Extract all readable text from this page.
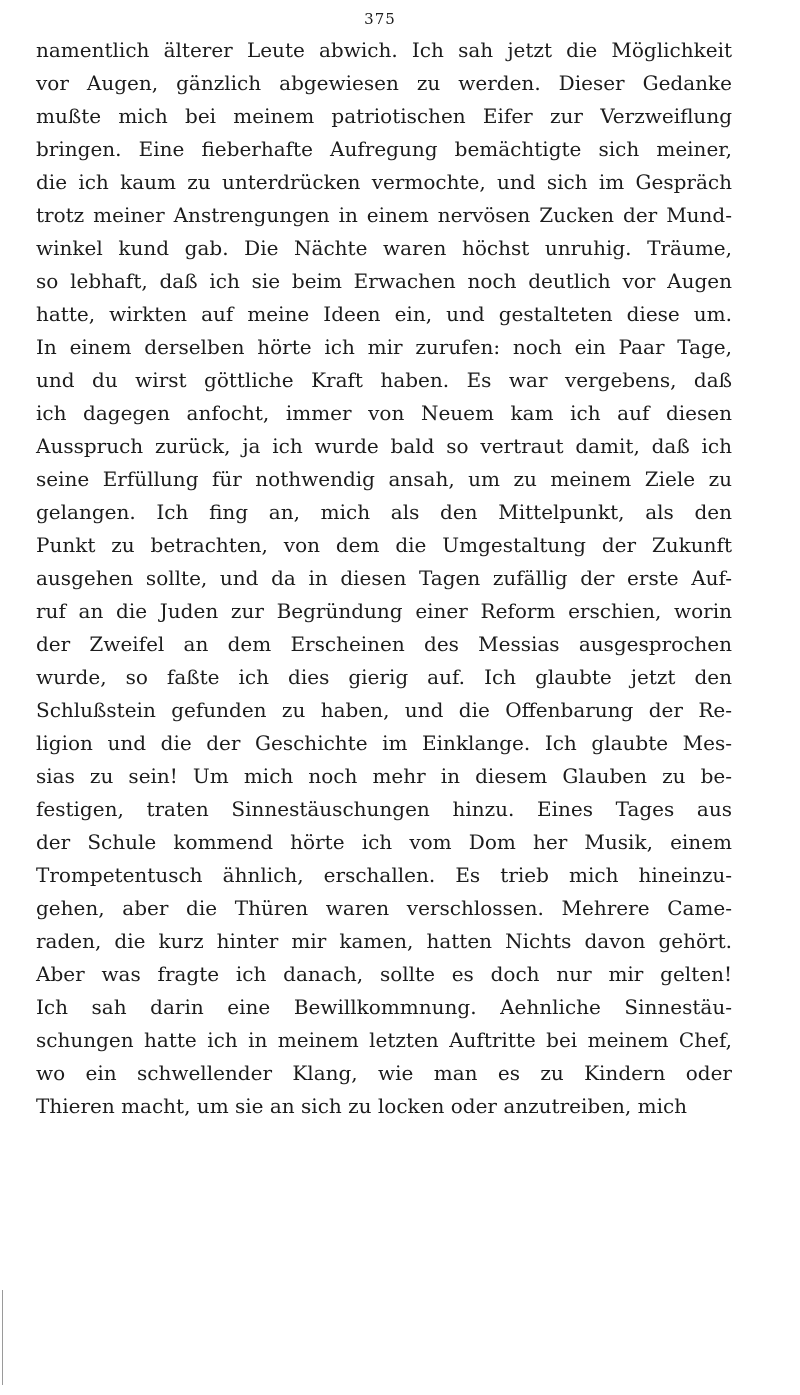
375
namentlich älterer Leute abwich. Ich sah jetzt die Möglichkeit
vor Augen, gänzlich abgewiesen zu werden. Dieser Gedanke
mußte mich bei meinem patriotischen Eifer zur Verzweiflung
bringen. Eine fieberhafte Aufregung bemächtigte sich meiner,
die ich kaum zu unterdrücken vermochte, und sich im Gespräch
trotz meiner Anstrengungen in einem nervösen Zucken der Mund-
winkel kund gab. Die Nächte waren höchst unruhig. Träume,
so lebhaft, daß ich sie beim Erwachen noch deutlich vor Augen
hatte, wirkten auf meine Ideen ein, und gestalteten diese um.
In einem derselben hörte ich mir zurufen: noch ein Paar Tage,
und du wirst göttliche Kraft haben. Es war vergebens, daß
ich dagegen anfocht, immer von Neuem kam ich auf diesen
Ausspruch zurück, ja ich wurde bald so vertraut damit, daß ich
seine Erfüllung für nothwendig ansah, um zu meinem Ziele zu
gelangen. Ich fing an, mich als den Mittelpunkt, als den
Punkt zu betrachten, von dem die Umgestaltung der Zukunft
ausgehen sollte, und da in diesen Tagen zufällig der erste Auf-
ruf an die Juden zur Begründung einer Reform erschien, worin
der Zweifel an dem Erscheinen des Messias ausgesprochen
wurde, so faßte ich dies gierig auf. Ich glaubte jetzt den
Schlußstein gefunden zu haben, und die Offenbarung der Re-
ligion und die der Geschichte im Einklange. Ich glaubte Mes-
sias zu sein! Um mich noch mehr in diesem Glauben zu be-
festigen, traten Sinnestäuschungen hinzu. Eines Tages aus
der Schule kommend hörte ich vom Dom her Musik, einem
Trompetentusch ähnlich, erschallen. Es trieb mich hineinzu-
gehen, aber die Thüren waren verschlossen. Mehrere Came-
raden, die kurz hinter mir kamen, hatten Nichts davon gehört.
Aber was fragte ich danach, sollte es doch nur mir gelten!
Ich sah darin eine Bewillkommnung. Aehnliche Sinnestäu-
schungen hatte ich in meinem letzten Auftritte bei meinem Chef,
wo ein schwellender Klang, wie man es zu Kindern oder
Thieren macht, um sie an sich zu locken oder anzutreiben, mich
